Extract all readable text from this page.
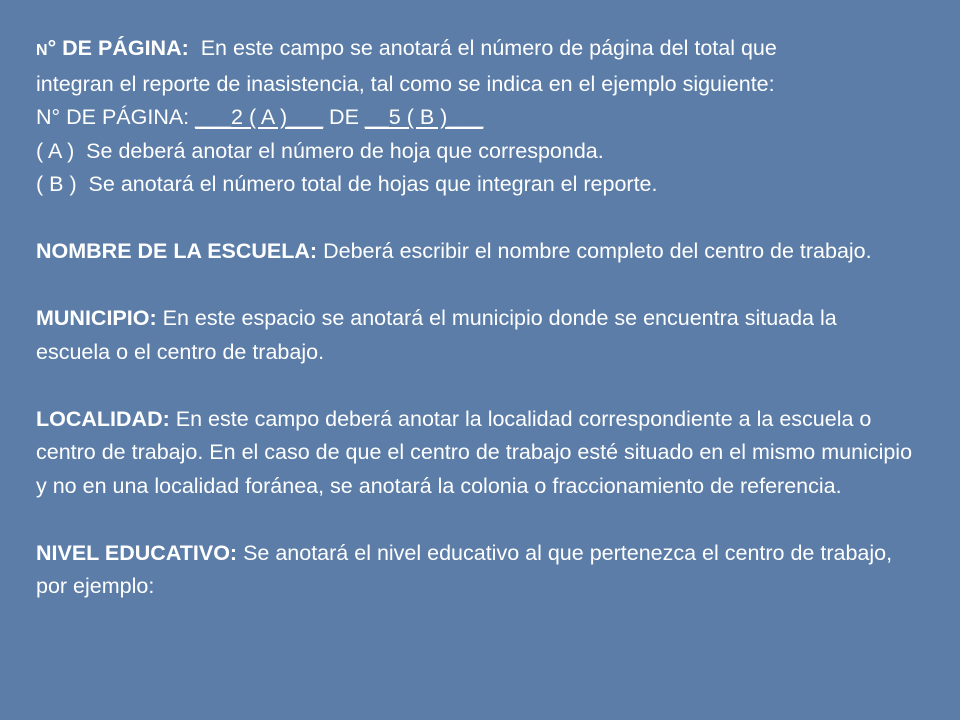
N° DE PÁGINA:  En este campo se anotará el número de página del total que

integran el reporte de inasistencia, tal como se indica en el ejemplo siguiente:

N° DE PÁGINA: ___2 ( A )___ DE __5 ( B )___

( A )  Se deberá anotar el número de hoja que corresponda.

( B )  Se anotará el número total de hojas que integran el reporte.

NOMBRE DE LA ESCUELA: Deberá escribir el nombre completo del centro de trabajo.

MUNICIPIO: En este espacio se anotará el municipio donde se encuentra situada la escuela o el centro de trabajo.

LOCALIDAD: En este campo deberá anotar la localidad correspondiente a la escuela o centro de trabajo. En el caso de que el centro de trabajo esté situado en el mismo municipio y no en una localidad foránea, se anotará la colonia o fraccionamiento de referencia.

NIVEL EDUCATIVO: Se anotará el nivel educativo al que pertenezca el centro de trabajo, por ejemplo:
